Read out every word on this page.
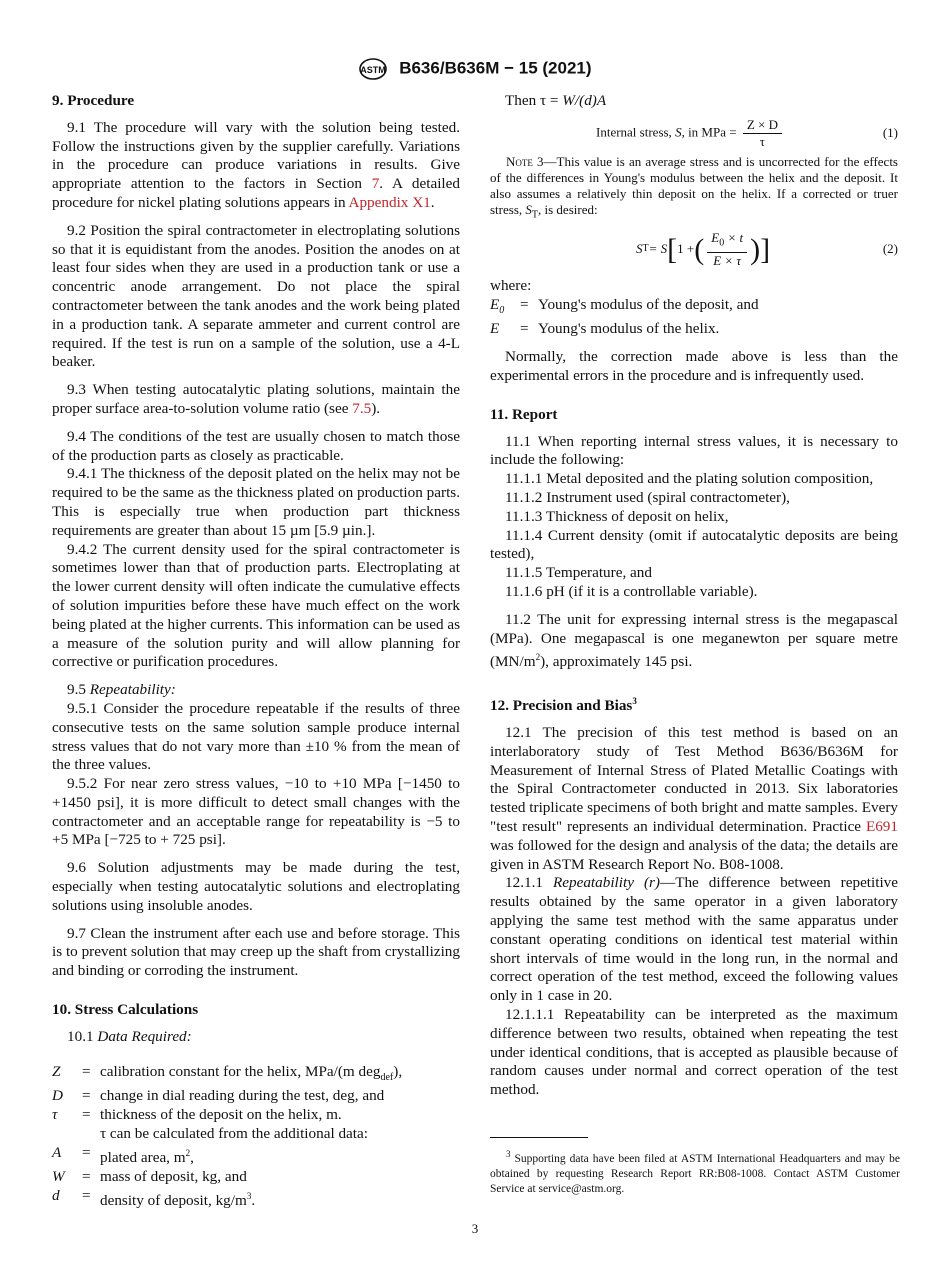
ASTM B636/B636M − 15 (2021)
9. Procedure

9.1 The procedure will vary with the solution being tested. Follow the instructions given by the supplier carefully. Variations in the procedure can produce variations in results. Give appropriate attention to the factors in Section 7. A detailed procedure for nickel plating solutions appears in Appendix X1.

9.2 Position the spiral contractometer in electroplating solutions so that it is equidistant from the anodes. Position the anodes on at least four sides when they are used in a production tank or use a concentric anode arrangement. Do not place the spiral contractometer between the tank anodes and the work being plated in a production tank. A separate ammeter and current control are required. If the test is run on a sample of the solution, use a 4-L beaker.

9.3 When testing autocatalytic plating solutions, maintain the proper surface area-to-solution volume ratio (see 7.5).

9.4 The conditions of the test are usually chosen to match those of the production parts as closely as practicable.

9.4.1 The thickness of the deposit plated on the helix may not be required to be the same as the thickness plated on production parts. This is especially true when production part thickness requirements are greater than about 15 µm [5.9 µin.].

9.4.2 The current density used for the spiral contractometer is sometimes lower than that of production parts. Electroplating at the lower current density will often indicate the cumulative effects of solution impurities before these have much effect on the work being plated at the higher currents. This information can be used as a measure of the solution purity and will allow planning for corrective or purification procedures.

9.5 Repeatability:

9.5.1 Consider the procedure repeatable if the results of three consecutive tests on the same solution sample produce internal stress values that do not vary more than ±10 % from the mean of the three values.

9.5.2 For near zero stress values, −10 to +10 MPa [−1450 to +1450 psi], it is more difficult to detect small changes with the contractometer and an acceptable range for repeatability is −5 to +5 MPa [−725 to + 725 psi].

9.6 Solution adjustments may be made during the test, especially when testing autocatalytic solutions and electroplating solutions using insoluble anodes.

9.7 Clean the instrument after each use and before storage. This is to prevent solution that may creep up the shaft from crystallizing and binding or corroding the instrument.

10. Stress Calculations

10.1 Data Required:

Z	= calibration constant for the helix, MPa/(m deg$_{def}$),
D	= change in dial reading during the test, deg, and
τ	= thickness of the deposit on the helix, m.
τ can be calculated from the additional data:
A	= plated area, $m^2$,
W	= mass of deposit, kg, and
d	= density of deposit, $kg/m^3$.

Then τ = W/(d)A

Internal stress, S, in MPa = $\frac{Z \times D}{\tau}$	(1)
Note 3—This value is an average stress and is uncorrected for the effects of the differences in Young's modulus between the helix and the deposit. It also assumes a relatively thin deposit on the helix. If a corrected or truer stress, $S_T$, is desired:
S T = S [ 1 + ( $\frac{E_0 \times t}{E \times \tau}$ ) ]	(2)

where:

$E_0$	= Young's modulus of the deposit, and
E	= Young's modulus of the helix.

Normally, the correction made above is less than the experimental errors in the procedure and is infrequently used.

11. Report

11.1 When reporting internal stress values, it is necessary to include the following:

11.1.1 Metal deposited and the plating solution composition,

11.1.2 Instrument used (spiral contractometer),

11.1.3 Thickness of deposit on helix,

11.1.4 Current density (omit if autocatalytic deposits are being tested),

11.1.5 Temperature, and

11.1.6 pH (if it is a controllable variable).

11.2 The unit for expressing internal stress is the megapascal (MPa). One megapascal is one meganewton per square metre $(MN/m^2)$, approximately 145 psi.

12. Precision and Bias$^3$

12.1 The precision of this test method is based on an interlaboratory study of Test Method B636/B636M for Measurement of Internal Stress of Plated Metallic Coatings with the Spiral Contractometer conducted in 2013. Six laboratories tested triplicate specimens of both bright and matte samples. Every "test result" represents an individual determination. Practice E691 was followed for the design and analysis of the data; the details are given in ASTM Research Report No. B08-1008.

12.1.1 Repeatability (r)—The difference between repetitive results obtained by the same operator in a given laboratory applying the same test method with the same apparatus under constant operating conditions on identical test material within short intervals of time would in the long run, in the normal and correct operation of the test method, exceed the following values only in 1 case in 20.

12.1.1.1 Repeatability can be interpreted as the maximum difference between two results, obtained when repeating the test under identical conditions, that is accepted as plausible because of random causes under normal and correct operation of the test method.

$^3$ Supporting data have been filed at ASTM International Headquarters and may be obtained by requesting Research Report RR:B08-1008. Contact ASTM Customer Service at service@astm.org.
3
